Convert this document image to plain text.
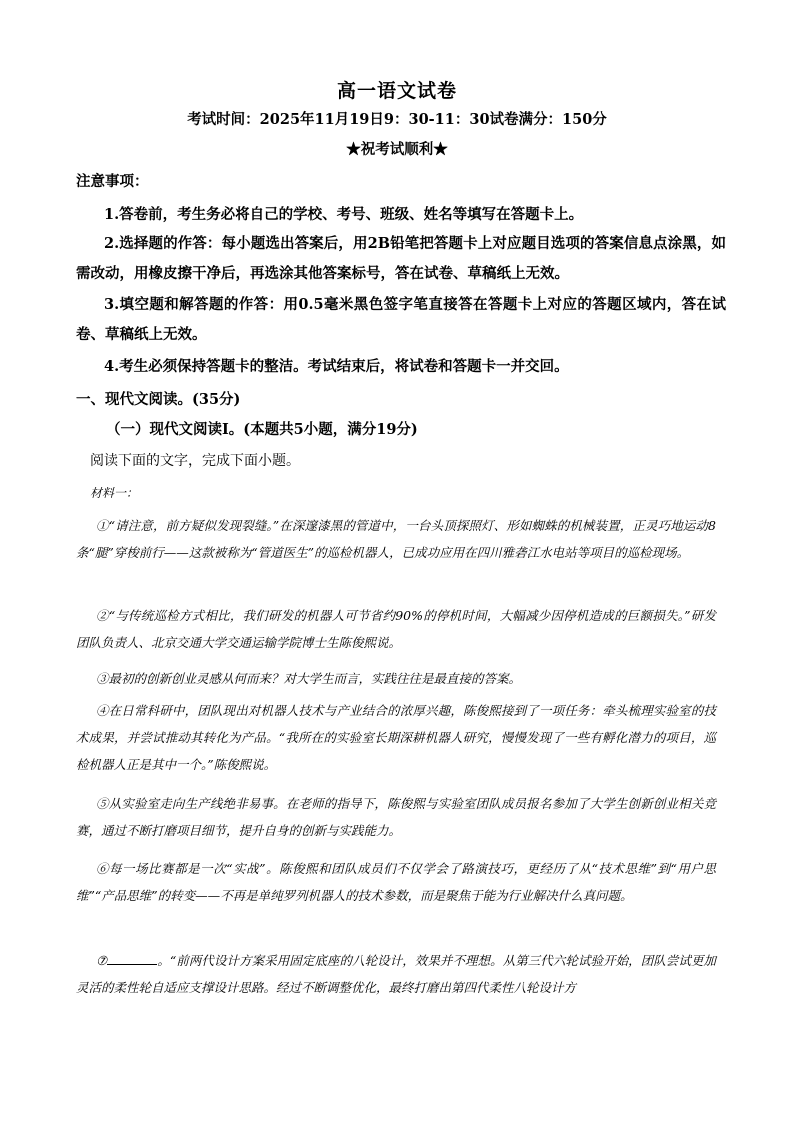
高一语文试卷
考试时间：2025年11月19日9：30-11：30试卷满分：150分
★祝考试顺利★
注意事项：
1.答卷前，考生务必将自己的学校、考号、班级、姓名等填写在答题卡上。
2.选择题的作答：每小题选出答案后，用2B铅笔把答题卡上对应题目选项的答案信息点涂黑，如需改动，用橡皮擦干净后，再选涂其他答案标号，答在试卷、草稿纸上无效。
3.填空题和解答题的作答：用0.5毫米黑色签字笔直接答在答题卡上对应的答题区域内，答在试卷、草稿纸上无效。
4.考生必须保持答题卡的整洁。考试结束后，将试卷和答题卡一并交回。
一、现代文阅读。(35分)
（一）现代文阅读Ⅰ。(本题共5小题，满分19分)
阅读下面的文字，完成下面小题。
材料一：
①“请注意，前方疑似发现裂缝。”在深邃漆黑的管道中，一台头顶探照灯、形如蜘蛛的机械装置，正灵巧地运动8条“腿”穿梭前行——这款被称为“管道医生”的巡检机器人，已成功应用在四川雅砻江水电站等项目的巡检现场。
②“与传统巡检方式相比，我们研发的机器人可节省约90%的停机时间，大幅减少因停机造成的巨额损失。”研发团队负责人、北京交通大学交通运输学院博士生陈俊熙说。
③最初的创新创业灵感从何而来？对大学生而言，实践往往是最直接的答案。
④在日常科研中，团队现出对机器人技术与产业结合的浓厚兴趣，陈俊熙接到了一项任务：牵头梳理实验室的技术成果，并尝试推动其转化为产品。“我所在的实验室长期深耕机器人研究，慢慢发现了一些有孵化潜力的项目，巡检机器人正是其中一个。”陈俊熙说。
⑤从实验室走向生产线绝非易事。在老师的指导下，陈俊熙与实验室团队成员报名参加了大学生创新创业相关竞赛，通过不断打磨项目细节，提升自身的创新与实践能力。
⑥每一场比赛都是一次“实战”。陈俊熙和团队成员们不仅学会了路演技巧，更经历了从“技术思维”到“用户思维”“产品思维”的转变——不再是单纯罗列机器人的技术参数，而是聚焦于能为行业解决什么真问题。
⑦	。“前两代设计方案采用固定底座的八轮设计，效果并不理想。从第三代六轮试验开始，团队尝试更加灵活的柔性轮自适应支撑设计思路。经过不断调整优化，最终打磨出第四代柔性八轮设计方
